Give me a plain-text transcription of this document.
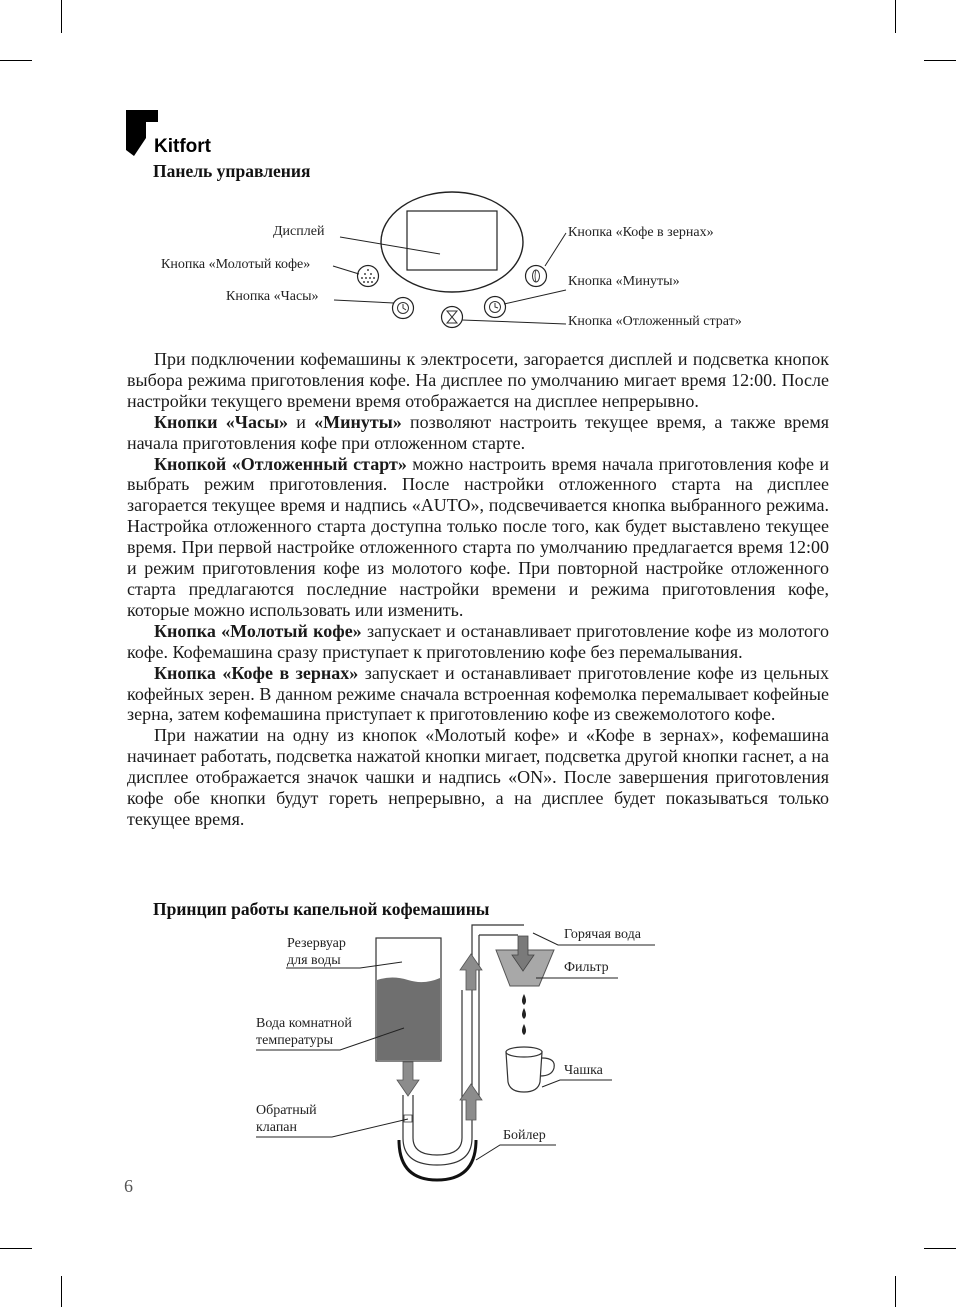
Kitfort
Панель управления
Дисплей
Кнопка «Молотый кофе»
Кнопка «Часы»
Кнопка «Кофе в зернах»
Кнопка «Минуты»
Кнопка «Отложенный страт»

При подключении кофемашины к электросети, загорается дисплей и подсветка кнопок выбора режима приготовления кофе. На дисплее по умолчанию мигает время 12:00. После настройки текущего времени время отображается на дисплее непрерывно.

Кнопки «Часы» и «Минуты» позволяют настроить текущее время, а также время начала приготовления кофе при отложенном старте.

Кнопкой «Отложенный старт» можно настроить время начала приготовления кофе и выбрать режим приготовления. После настройки отложенного старта на дисплее загорается текущее время и надпись «AUTO», подсвечивается кнопка выбранного режима. Настройка отложенного старта доступна только после того, как будет выставлено текущее время. При первой настройке отложенного старта по умолчанию предлагается время 12:00 и режим приготовления кофе из молотого кофе. При повторной настройке отложенного старта предлагаются последние настройки времени и режима приготовления кофе, которые можно использовать или изменить.

Кнопка «Молотый кофе» запускает и останавливает приготовление кофе из молотого кофе. Кофемашина сразу приступает к приготовлению кофе без перемалывания.

Кнопка «Кофе в зернах» запускает и останавливает приготовление кофе из цельных кофейных зерен. В данном режиме сначала встроенная кофемолка перемалывает кофейные зерна, затем кофемашина приступает к приготовлению кофе из свежемолотого кофе.

При нажатии на одну из кнопок «Молотый кофе» и «Кофе в зернах», кофемашина начинает работать, подсветка нажатой кнопки мигает, подсветка другой кнопки гаснет, а на дисплее отображается значок чашки и надпись «ON». После завершения приготовления кофе обе кнопки будут гореть непрерывно, а на дисплее будет показываться только текущее время.

Принцип работы капельной кофемашины
Резервуар
для воды
Вода комнатной
температуры
Обратный
клапан
Горячая вода
Фильтр
Чашка
Бойлер
6
